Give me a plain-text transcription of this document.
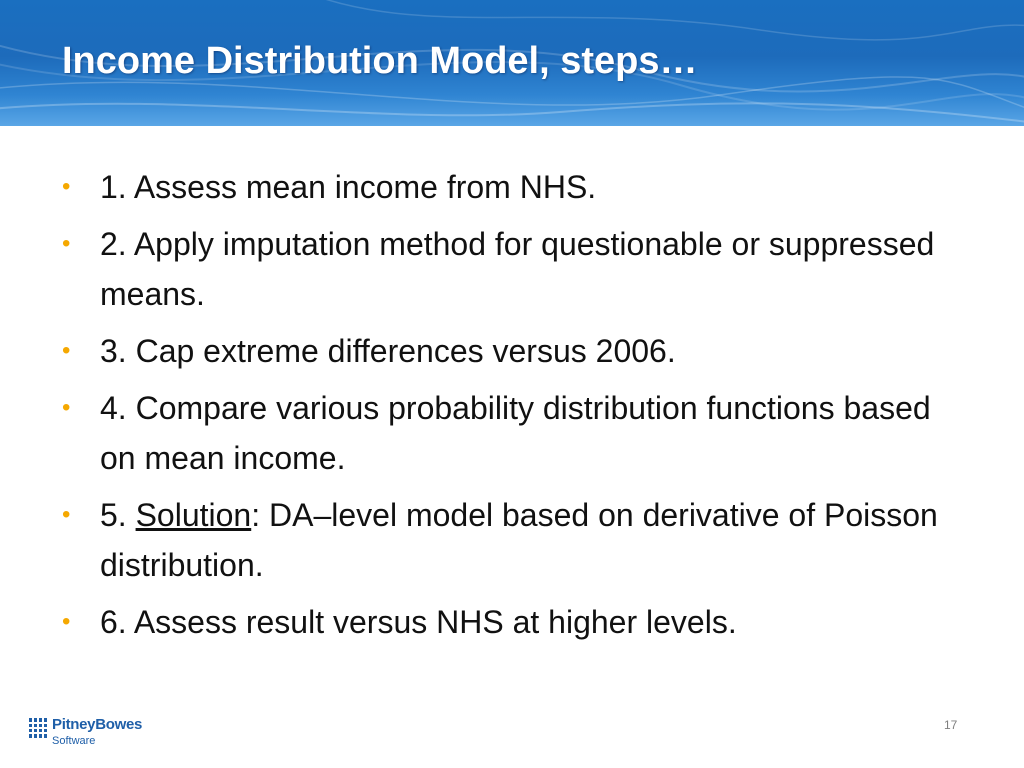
Income Distribution Model, steps…
• 1. Assess mean income from NHS.
• 2. Apply imputation method for questionable or suppressed means.
• 3. Cap extreme differences versus 2006.
• 4. Compare various probability distribution functions based on mean income.
• 5. Solution: DA–level model based on derivative of Poisson distribution.
• 6. Assess result versus NHS at higher levels.
PitneyBowes
Software
17
